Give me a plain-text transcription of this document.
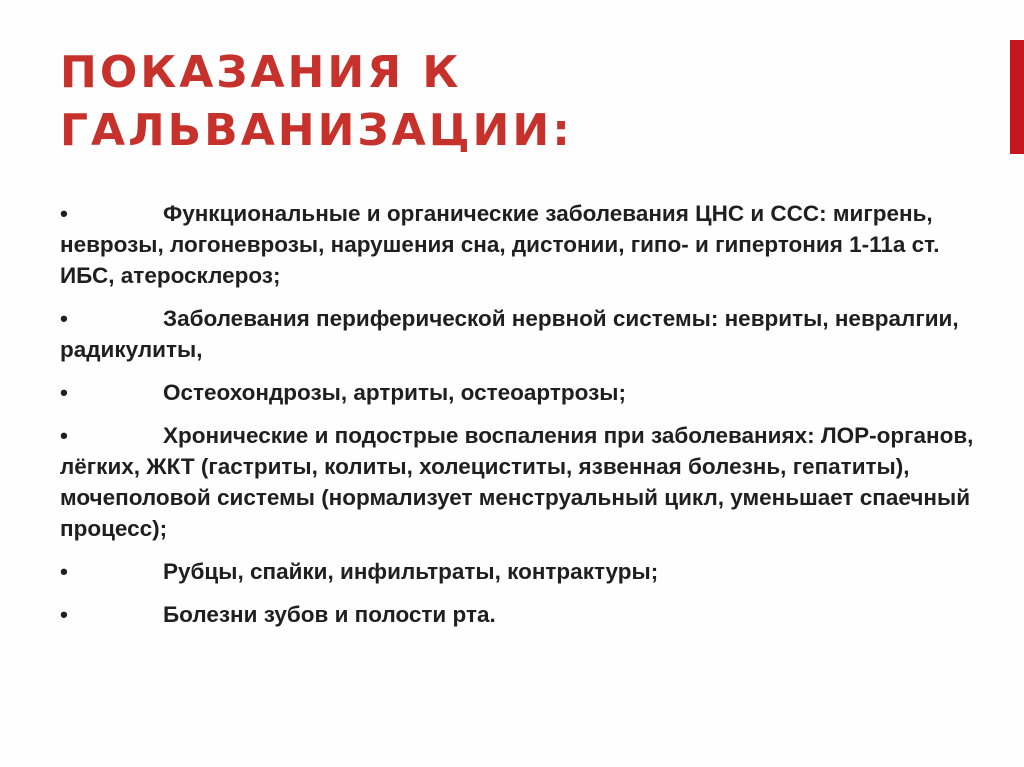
ПОКАЗАНИЯ К
ГАЛЬВАНИЗАЦИИ:
•	Функциональные и органические заболевания ЦНС и ССС: мигрень, неврозы, логоневрозы, нарушения сна, дистонии, гипо- и гипертония 1-11а ст. ИБС, атеросклероз;
•	Заболевания периферической нервной системы: невриты, невралгии, радикулиты,
•	Остеохондрозы, артриты, остеоартрозы;
•	Хронические и подострые воспаления при заболеваниях: ЛОР-органов, лёгких, ЖКТ (гастриты, колиты, холециститы, язвенная болезнь, гепатиты), мочеполовой системы (нормализует менструальный цикл, уменьшает спаечный процесс);
•	Рубцы, спайки, инфильтраты, контрактуры;
•	Болезни зубов и полости рта.
